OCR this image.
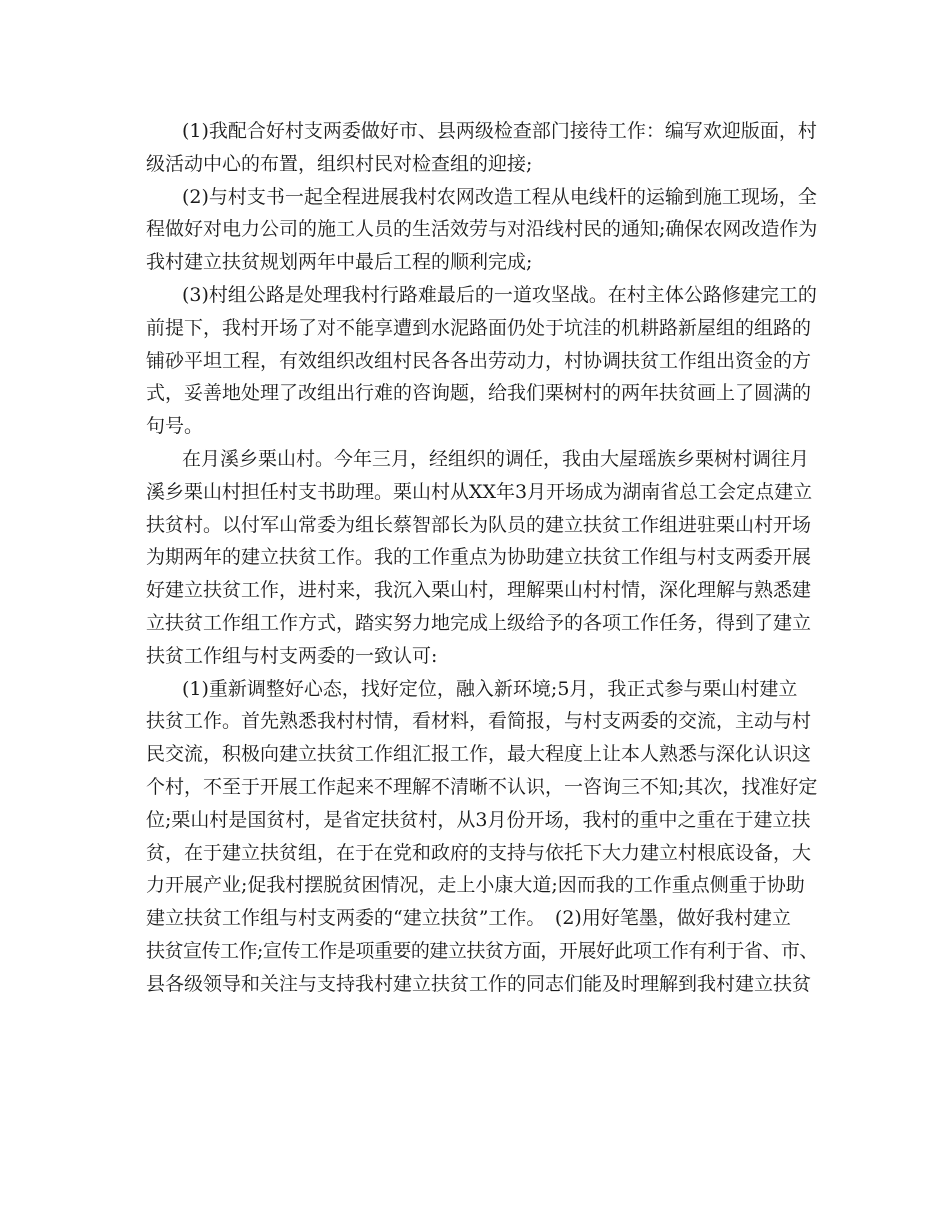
(1)我配合好村支两委做好市、县两级检查部门接待工作：编写欢迎版面，村
级活动中心的布置，组织村民对检查组的迎接;
(2)与村支书一起全程进展我村农网改造工程从电线杆的运输到施工现场，全
程做好对电力公司的施工人员的生活效劳与对沿线村民的通知;确保农网改造作为
我村建立扶贫规划两年中最后工程的顺利完成;
(3)村组公路是处理我村行路难最后的一道攻坚战。在村主体公路修建完工的
前提下，我村开场了对不能享遭到水泥路面仍处于坑洼的机耕路新屋组的组路的
铺砂平坦工程，有效组织改组村民各各出劳动力，村协调扶贫工作组出资金的方
式，妥善地处理了改组出行难的咨询题，给我们栗树村的两年扶贫画上了圆满的
句号。
在月溪乡栗山村。今年三月，经组织的调任，我由大屋瑶族乡栗树村调往月
溪乡栗山村担任村支书助理。栗山村从XX年3月开场成为湖南省总工会定点建立
扶贫村。以付军山常委为组长蔡智部长为队员的建立扶贫工作组进驻栗山村开场
为期两年的建立扶贫工作。我的工作重点为协助建立扶贫工作组与村支两委开展
好建立扶贫工作，进村来，我沉入栗山村，理解栗山村村情，深化理解与熟悉建
立扶贫工作组工作方式，踏实努力地完成上级给予的各项工作任务，得到了建立
扶贫工作组与村支两委的一致认可:
(1)重新调整好心态，找好定位，融入新环境;5月，我正式参与栗山村建立
扶贫工作。首先熟悉我村村情，看材料，看简报，与村支两委的交流，主动与村
民交流，积极向建立扶贫工作组汇报工作，最大程度上让本人熟悉与深化认识这
个村，不至于开展工作起来不理解不清晰不认识，一咨询三不知;其次，找准好定
位;栗山村是国贫村，是省定扶贫村，从3月份开场，我村的重中之重在于建立扶
贫，在于建立扶贫组，在于在党和政府的支持与依托下大力建立村根底设备，大
力开展产业;促我村摆脱贫困情况，走上小康大道;因而我的工作重点侧重于协助
建立扶贫工作组与村支两委的“建立扶贫”工作。　(2)用好笔墨，做好我村建立
扶贫宣传工作;宣传工作是项重要的建立扶贫方面，开展好此项工作有利于省、市、
县各级领导和关注与支持我村建立扶贫工作的同志们能及时理解到我村建立扶贫
